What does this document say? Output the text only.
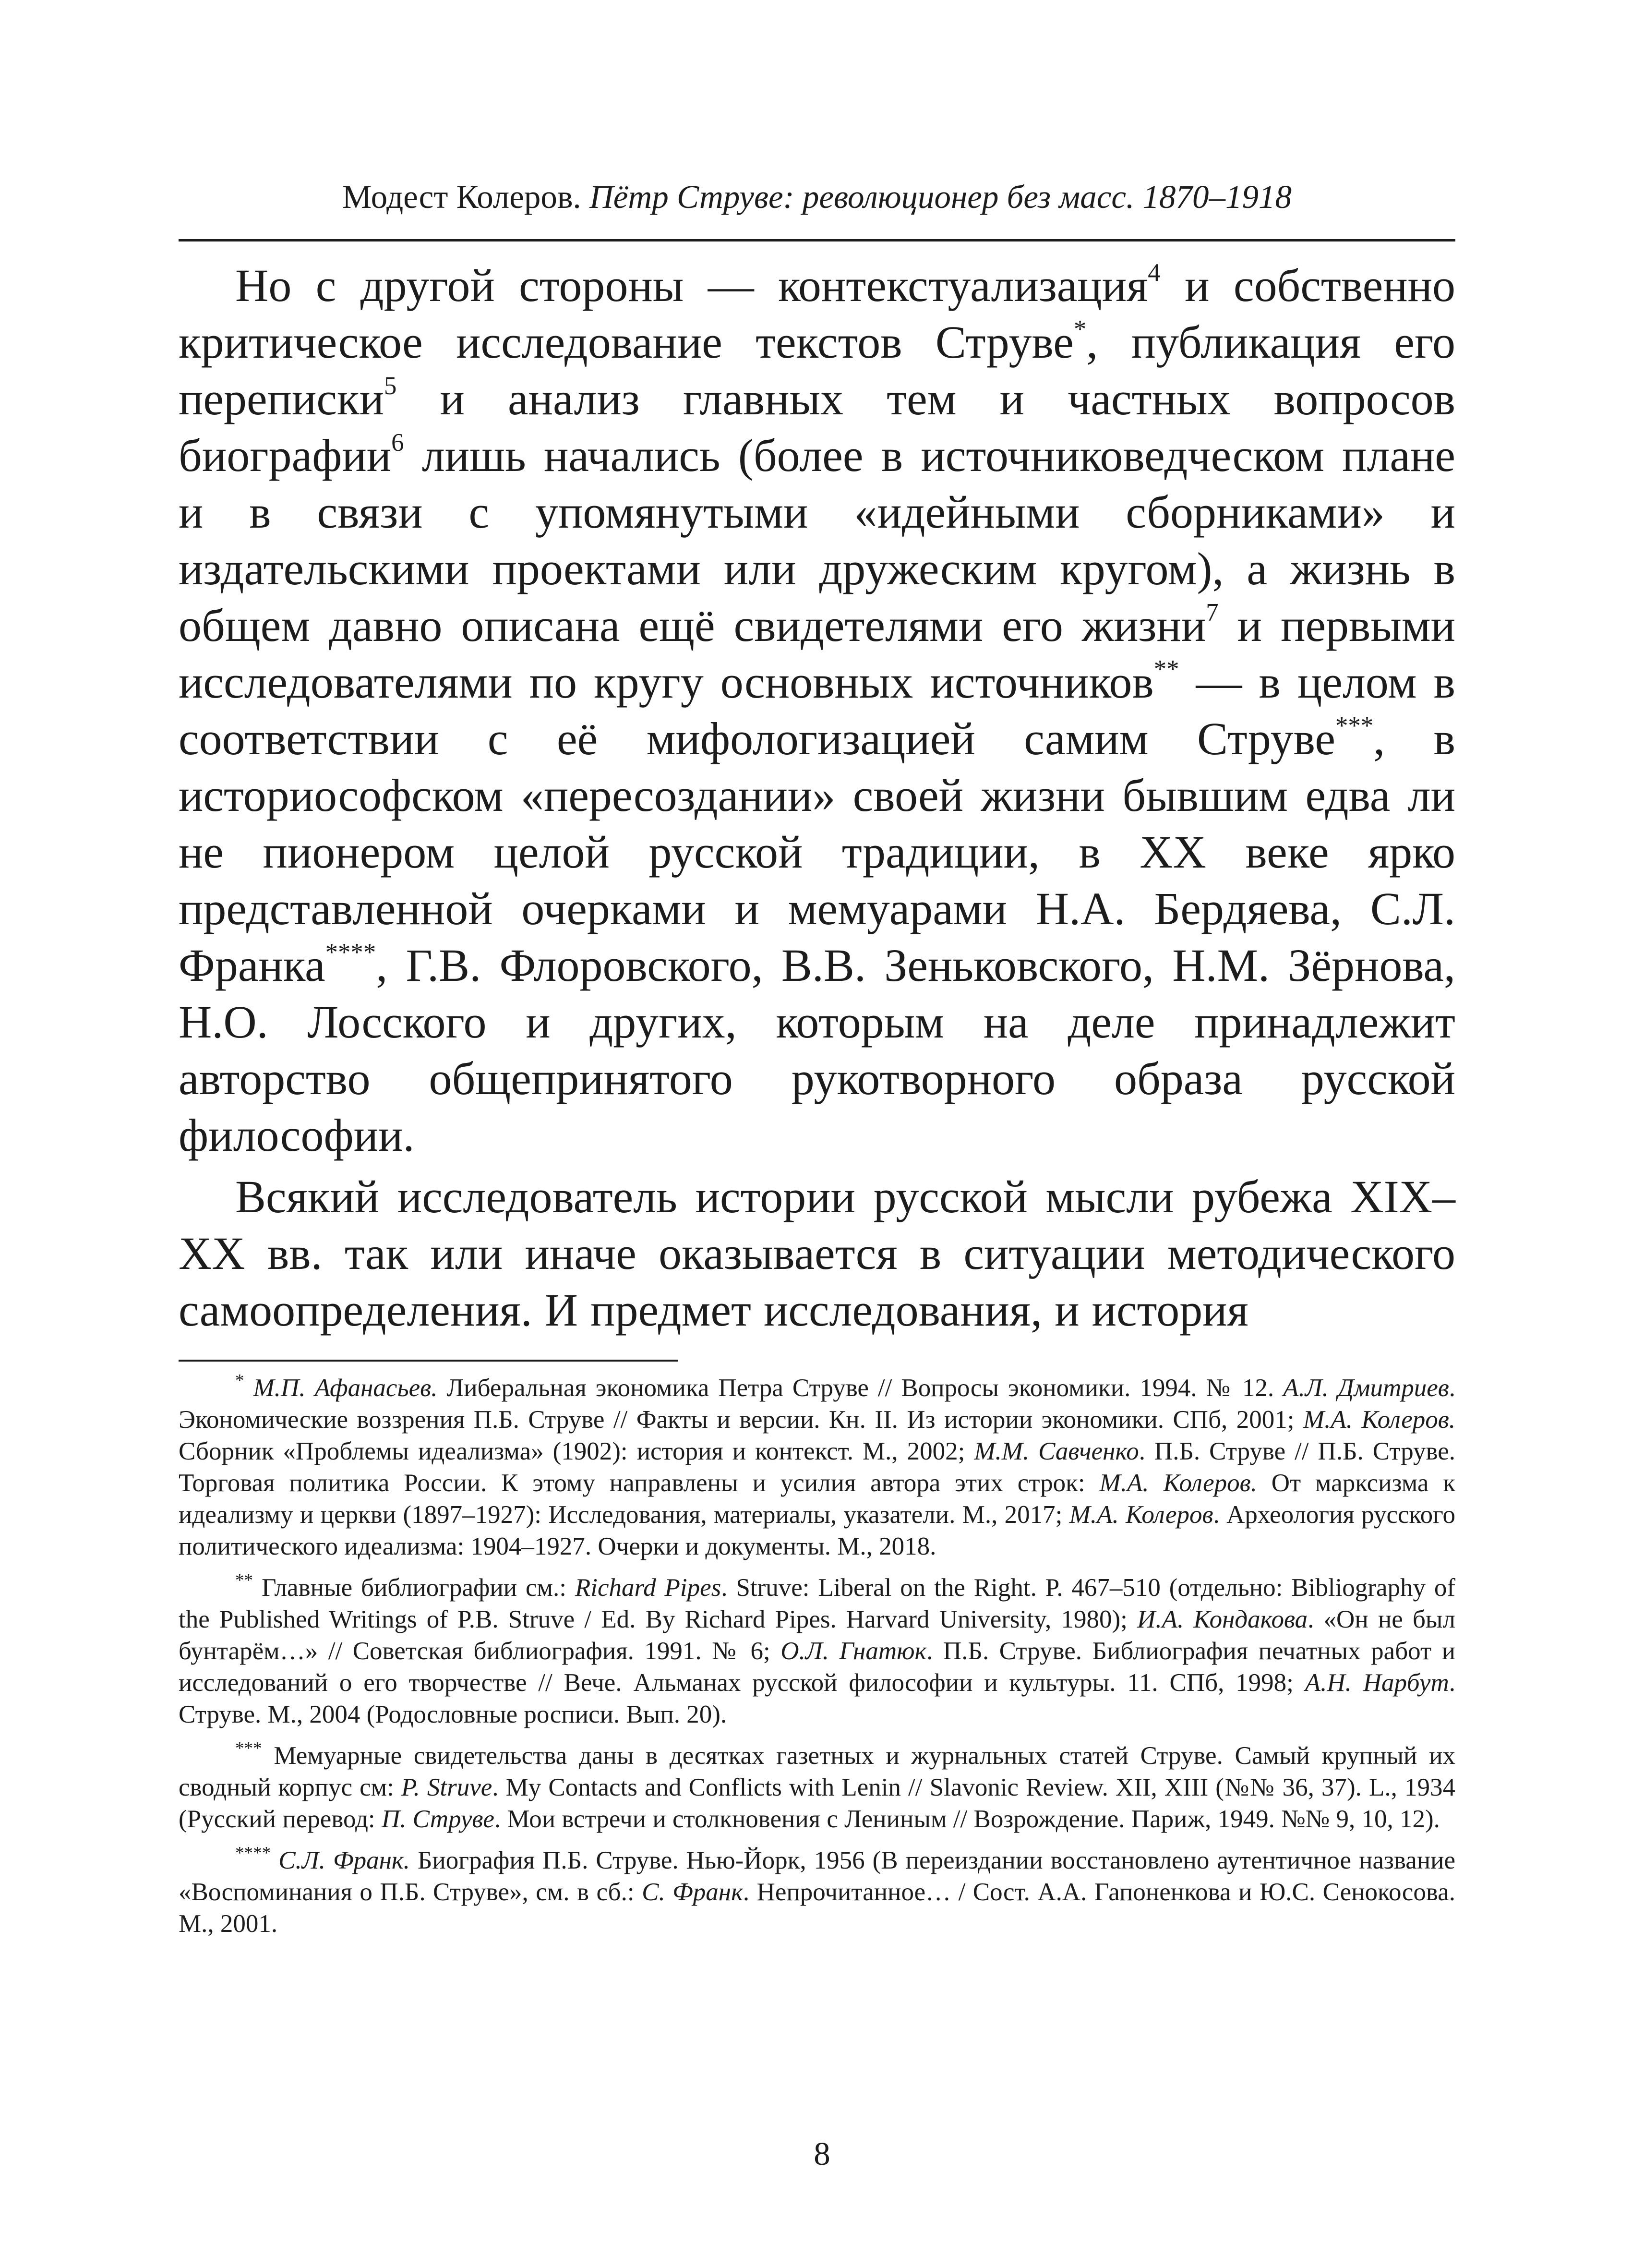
Модест Колеров. Пётр Струве: революционер без масс. 1870–1918

Но с другой стороны — контекстуализация$^4$ и собственно критическое исследование текстов Струве*, публикация его переписки$^5$ и анализ главных тем и частных вопросов биографии$^6$ лишь начались (более в источниковедческом плане и в связи с упомянутыми «идейными сборниками» и издательскими проектами или дружеским кругом), а жизнь в общем давно описана ещё свидетелями его жизни$^7$ и первыми исследователями по кругу основных источников** — в целом в соответствии с её мифологизацией самим Струве***, в историософском «пересоздании» своей жизни бывшим едва ли не пионером целой русской традиции, в XX веке ярко представленной очерками и мемуарами Н.А. Бердяева, С.Л. Франка****, Г.В. Флоровского, В.В. Зеньковского, Н.М. Зёрнова, Н.О. Лосского и других, которым на деле принадлежит авторство общепринятого рукотворного образа русской философии.

Всякий исследователь истории русской мысли рубежа XIX–XX вв. так или иначе оказывается в ситуации методического самоопределения. И предмет исследования, и история

* М.П. Афанасьев. Либеральная экономика Петра Струве // Вопросы экономики. 1994. № 12. А.Л. Дмитриев. Экономические воззрения П.Б. Струве // Факты и версии. Кн. II. Из истории экономики. СПб, 2001; М.А. Колеров. Сборник «Проблемы идеализма» (1902): история и контекст. М., 2002; М.М. Савченко. П.Б. Струве // П.Б. Струве. Торговая политика России. К этому направлены и усилия автора этих строк: М.А. Колеров. От марксизма к идеализму и церкви (1897–1927): Исследования, материалы, указатели. М., 2017; М.А. Колеров. Археология русского политического идеализма: 1904–1927. Очерки и документы. М., 2018.

** Главные библиографии см.: Richard Pipes. Struve: Liberal on the Right. P. 467–510 (отдельно: Bibliography of the Published Writings of P.B. Struve / Ed. By Richard Pipes. Harvard University, 1980); И.А. Кондакова. «Он не был бунтарём…» // Советская библиография. 1991. № 6; О.Л. Гнатюк. П.Б. Струве. Библиография печатных работ и исследований о его творчестве // Вече. Альманах русской философии и культуры. 11. СПб, 1998; А.Н. Нарбут. Струве. М., 2004 (Родословные росписи. Вып. 20).

*** Мемуарные свидетельства даны в десятках газетных и журнальных статей Струве. Самый крупный их сводный корпус см: P. Struve. My Contacts and Conflicts with Lenin // Slavonic Review. XII, XIII (№№ 36, 37). L., 1934 (Русский перевод: П. Струве. Мои встречи и столкновения с Лениным // Возрождение. Париж, 1949. №№ 9, 10, 12).

**** С.Л. Франк. Биография П.Б. Струве. Нью-Йорк, 1956 (В переиздании восстановлено аутентичное название «Воспоминания о П.Б. Струве», см. в сб.: С. Франк. Непрочитанное… / Сост. А.А. Гапоненкова и Ю.С. Сенокосова. М., 2001.

8
